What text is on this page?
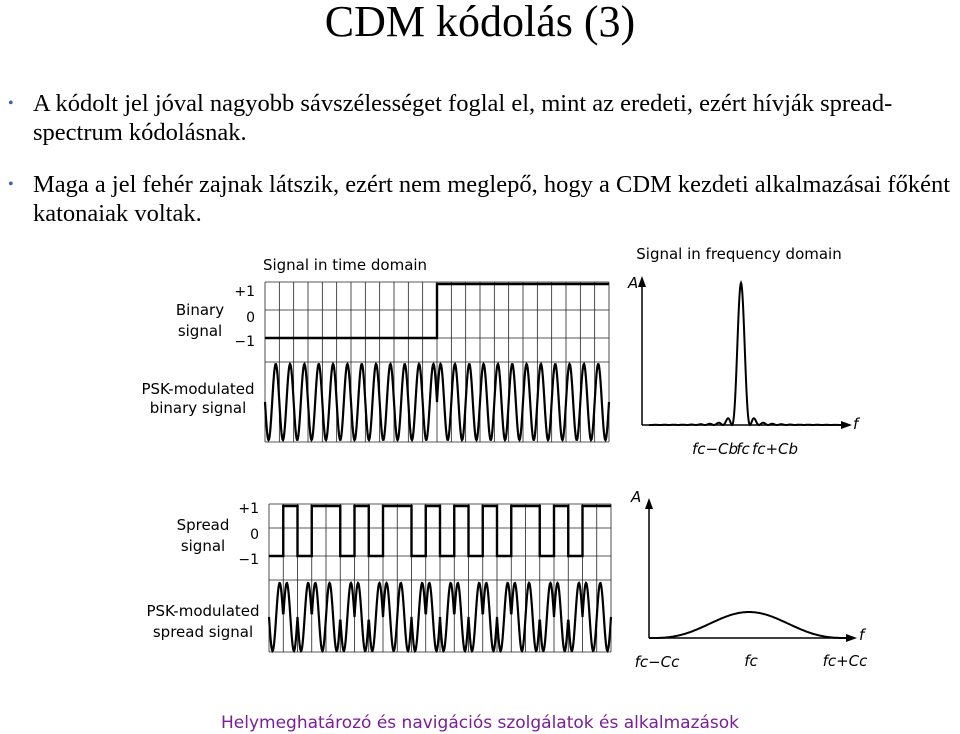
CDM kódolás (3)
• A kódolt jel jóval nagyobb sávszélességet foglal el, mint az eredeti, ezért hívják spread-spectrum kódolásnak.
• Maga a jel fehér zajnak látszik, ezért nem meglepő, hogy a CDM kezdeti alkalmazásai főként katonaiak voltak.
Signal in time domain
Signal in frequency domain
Binary
signal
+1
0
−1
PSK-modulated
binary signal
Spread
signal
+1
0
−1
PSK-modulated
spread signal
A
f
fc−Cb
fc fc+Cb
A
f
fc−Cc	fc	fc+Cc
Helymeghatározó és navigációs szolgálatok és alkalmazások
